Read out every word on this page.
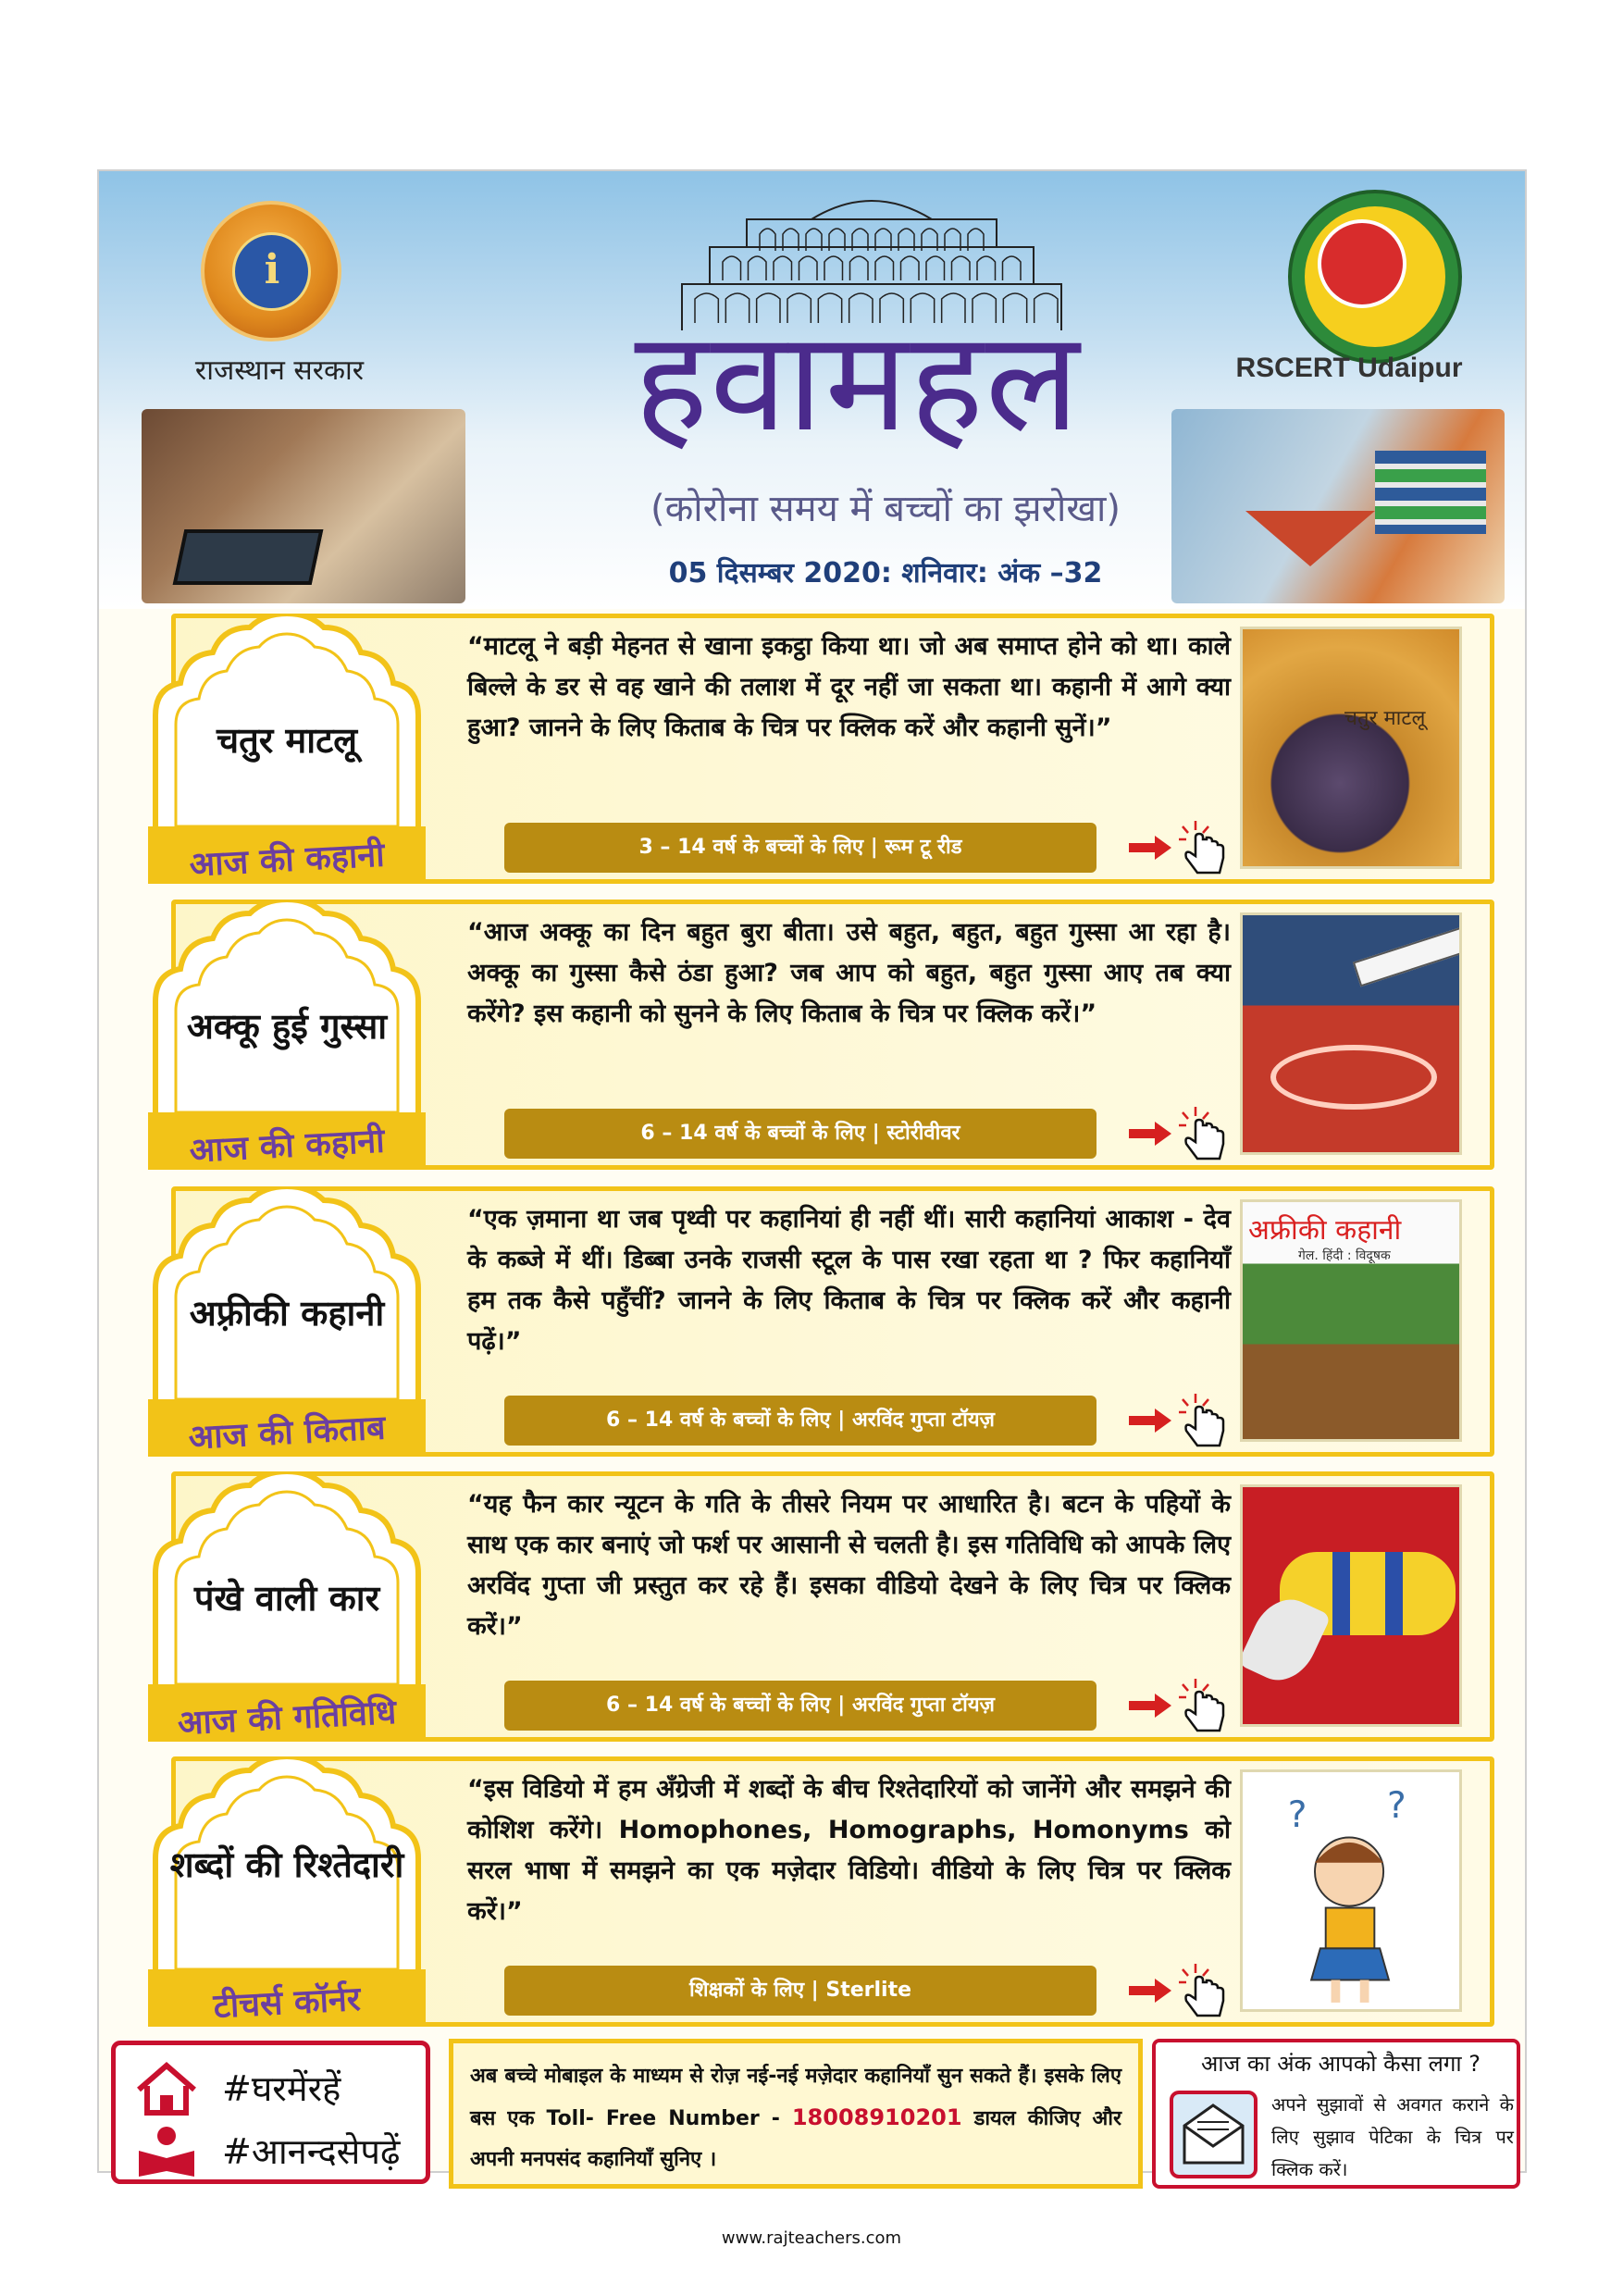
ℹ
राजस्थान सरकार	RSCERT Udaipur
हवामहल
(कोरोना समय में बच्चों का झरोखा)
05 दिसम्बर 2020: शनिवार: अंक –32
चतुर माटलू
आज की कहानी
“माटलू ने बड़ी मेहनत से खाना इकट्ठा किया था। जो अब समाप्त होने को था। काले बिल्ले के डर से वह खाने की तलाश में दूर नहीं जा सकता था। कहानी में आगे क्या हुआ? जानने के लिए किताब के चित्र पर क्लिक करें और कहानी सुनें।”
3 – 14 वर्ष के बच्चों के लिए | रूम टू रीड
चतुर माटलू
अक्कू हुई गुस्सा
आज की कहानी
“आज अक्कू का दिन बहुत बुरा बीता। उसे बहुत, बहुत, बहुत गुस्सा आ रहा है। अक्कू का गुस्सा कैसे ठंडा हुआ? जब आप को बहुत, बहुत गुस्सा आए तब क्या करेंगे? इस कहानी को सुनने के लिए किताब के चित्र पर क्लिक करें।”
6 – 14 वर्ष के बच्चों के लिए | स्टोरीवीवर
अफ़्रीकी कहानी
आज की किताब
“एक ज़माना था जब पृथ्वी पर कहानियां ही नहीं थीं। सारी कहानियां आकाश - देव के कब्जे में थीं। डिब्बा उनके राजसी स्टूल के पास रखा रहता था ? फिर कहानियाँ हम तक कैसे पहुँचीं? जानने के लिए किताब के चित्र पर क्लिक करें और कहानी पढ़ें।”
6 – 14 वर्ष के बच्चों के लिए | अरविंद गुप्ता टॉयज़
अफ्रीकी कहानी
गेल. हिंदी : विदूषक
पंखे वाली कार
आज की गतिविधि
“यह फैन कार न्यूटन के गति के तीसरे नियम पर आधारित है। बटन के पहियों के साथ एक कार बनाएं जो फर्श पर आसानी से चलती है। इस गतिविधि को आपके लिए अरविंद गुप्ता जी प्रस्तुत कर रहे हैं। इसका वीडियो देखने के लिए चित्र पर क्लिक करें।”
6 – 14 वर्ष के बच्चों के लिए | अरविंद गुप्ता टॉयज़
शब्दों की रिश्तेदारी
टीचर्स कॉर्नर
“इस विडियो में हम अँग्रेजी में शब्दों के बीच रिश्तेदारियों को जानेंगे और समझने की कोशिश करेंगे। Homophones, Homographs, Homonyms को सरल भाषा में समझने का एक मज़ेदार विडियो। वीडियो के लिए चित्र पर क्लिक करें।”
शिक्षकों के लिए | Sterlite
? ?
#घरमेंरहें
#आनन्दसेपढ़ें
अब बच्चे मोबाइल के माध्यम से रोज़ नई-नई मज़ेदार कहानियाँ सुन सकते हैं। इसके लिए बस एक Toll- Free Number - 18008910201 डायल कीजिए और अपनी मनपसंद कहानियाँ सुनिए ।
आज का अंक आपको कैसा लगा ?
अपने सुझावों से अवगत कराने के लिए सुझाव पेटिका के चित्र पर क्लिक करें।
www.rajteachers.com
